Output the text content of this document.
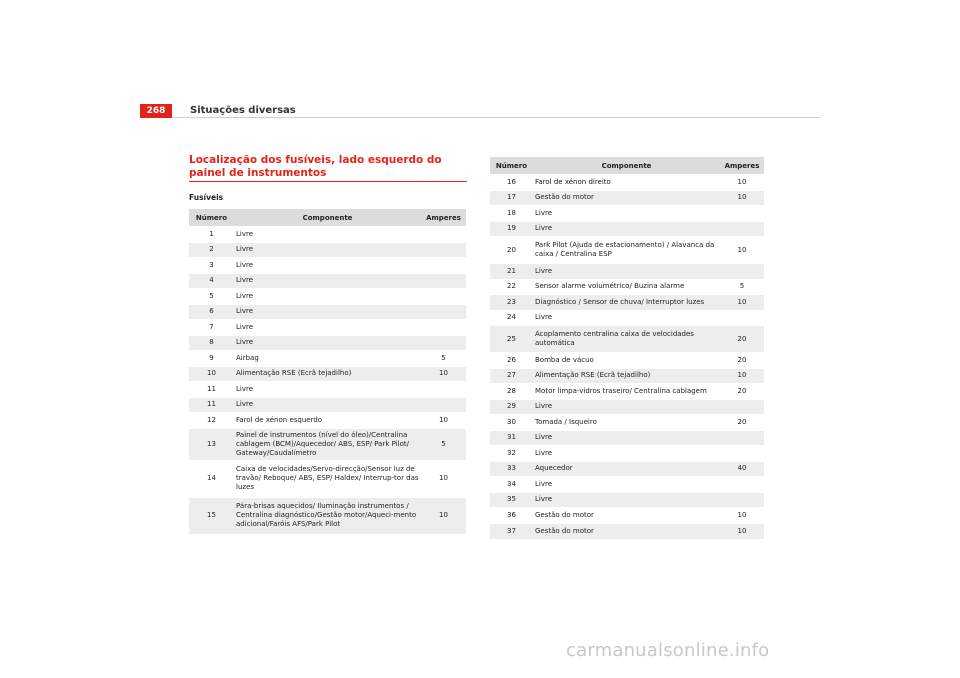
268	Situações diversas
Localização dos fusíveis, lado esquerdo do painel de instrumentos
Fusíveis
Número	Componente	Amperes
1	Livre	
2	Livre	
3	Livre	
4	Livre	
5	Livre	
6	Livre	
7	Livre	
8	Livre	
9	Airbag	5
10	Alimentação RSE (Ecrã tejadilho)	10
11	Livre	
11	Livre	
12	Farol de xénon esquerdo	10
13	Painel de instrumentos (nível do óleo)/Centralina cablagem (BCM)/Aquecedor/ ABS, ESP/ Park Pilot/ Gateway/Caudalímetro	5
14	Caixa de velocidades/Servo-direcção/Sensor luz de travão/ Reboque/ ABS, ESP/ Haldex/ Interrup-tor das luzes	10
15	Pára-brisas aquecidos/ Iluminação instrumentos / Centralina diagnóstico/Gestão motor/Aqueci-mento adicional/Faróis AFS/Park Pilot	10
Número	Componente	Amperes
16	Farol de xénon direito	10
17	Gestão do motor	10
18	Livre	
19	Livre	
20	Park Pilot (Ajuda de estacionamento) / Alavanca da caixa / Centralina ESP	10
21	Livre	
22	Sensor alarme volumétrico/ Buzina alarme	5
23	Diagnóstico / Sensor de chuva/ Interruptor luzes	10
24	Livre	
25	Acoplamento centralina caixa de velocidades automática	20
26	Bomba de vácuo	20
27	Alimentação RSE (Ecrã tejadilho)	10
28	Motor limpa-vidros traseiro/ Centralina cablagem	20
29	Livre	
30	Tomada / Isqueiro	20
31	Livre	
32	Livre	
33	Aquecedor	40
34	Livre	
35	Livre	
36	Gestão do motor	10
37	Gestão do motor	10
carmanualsonline.info
